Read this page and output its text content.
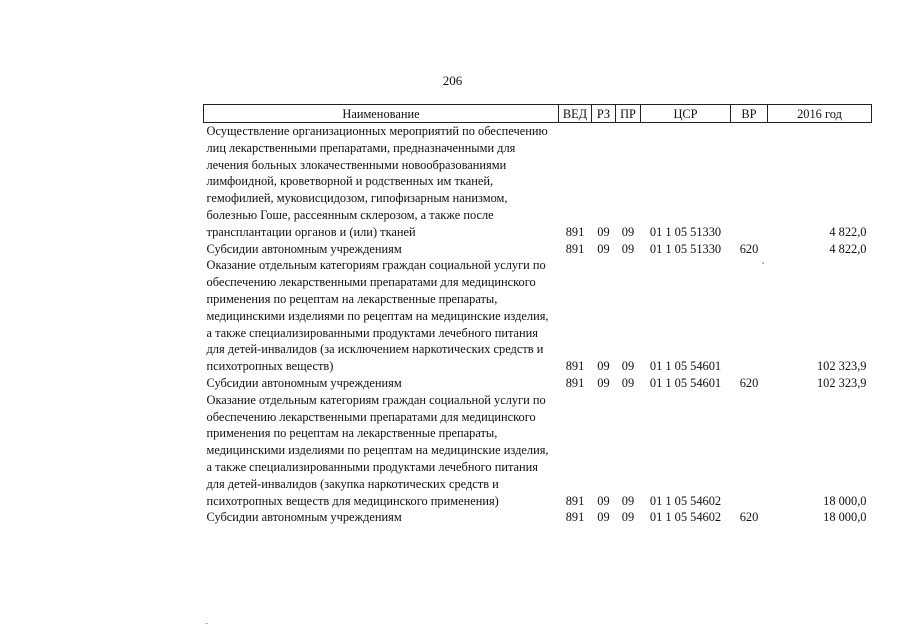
206
Наименование	ВЕД	РЗ	ПР	ЦСР	ВР	2016 год
Осуществление организационных мероприятий по обеспечению лиц лекарственными препаратами, предназначенными для лечения больных злокачественными новообразованиями лимфоидной, кроветворной и родственных им тканей, гемофилией, муковисцидозом, гипофизарным нанизмом, болезнью Гоше, рассеянным склерозом, а также после трансплантации органов и (или) тканей	891	09	09	01 1 05 51330		4 822,0
Субсидии автономным учреждениям	891	09	09	01 1 05 51330	620	4 822,0
Оказание отдельным категориям граждан социальной услуги по обеспечению лекарственными препаратами для медицинского применения по рецептам на лекарственные препараты, медицинскими изделиями по рецептам на медицинские изделия, а также специализированными продуктами лечебного питания для детей-инвалидов (за исключением наркотических средств и психотропных веществ)	891	09	09	01 1 05 54601		102 323,9
Субсидии автономным учреждениям	891	09	09	01 1 05 54601	620	102 323,9
Оказание отдельным категориям граждан социальной услуги по обеспечению лекарственными препаратами для медицинского применения по рецептам на лекарственные препараты, медицинскими изделиями по рецептам на медицинские изделия, а также специализированными продуктами лечебного питания для детей-инвалидов (закупка наркотических средств и психотропных веществ для медицинского применения)	891	09	09	01 1 05 54602		18 000,0
Субсидии автономным учреждениям	891	09	09	01 1 05 54602	620	18 000,0
